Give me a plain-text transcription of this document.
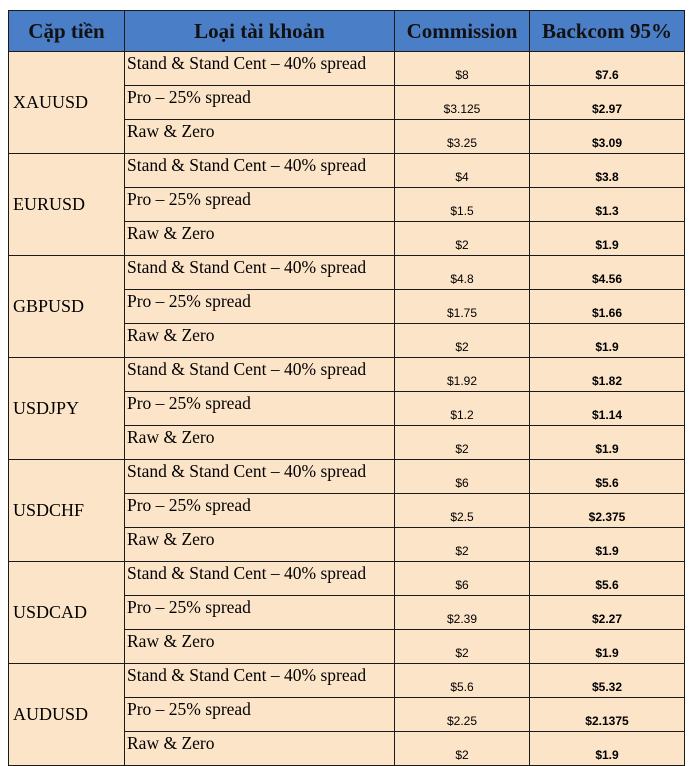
Cặp tiền	Loại tài khoản	Commission	Backcom 95%
XAUUSD	Stand & Stand Cent – 40% spread	$8	$7.6
	Pro – 25% spread	$3.125	$2.97
	Raw & Zero	$3.25	$3.09
EURUSD	Stand & Stand Cent – 40% spread	$4	$3.8
	Pro – 25% spread	$1.5	$1.3
	Raw & Zero	$2	$1.9
GBPUSD	Stand & Stand Cent – 40% spread	$4.8	$4.56
	Pro – 25% spread	$1.75	$1.66
	Raw & Zero	$2	$1.9
USDJPY	Stand & Stand Cent – 40% spread	$1.92	$1.82
	Pro – 25% spread	$1.2	$1.14
	Raw & Zero	$2	$1.9
USDCHF	Stand & Stand Cent – 40% spread	$6	$5.6
	Pro – 25% spread	$2.5	$2.375
	Raw & Zero	$2	$1.9
USDCAD	Stand & Stand Cent – 40% spread	$6	$5.6
	Pro – 25% spread	$2.39	$2.27
	Raw & Zero	$2	$1.9
AUDUSD	Stand & Stand Cent – 40% spread	$5.6	$5.32
	Pro – 25% spread	$2.25	$2.1375
	Raw & Zero	$2	$1.9
